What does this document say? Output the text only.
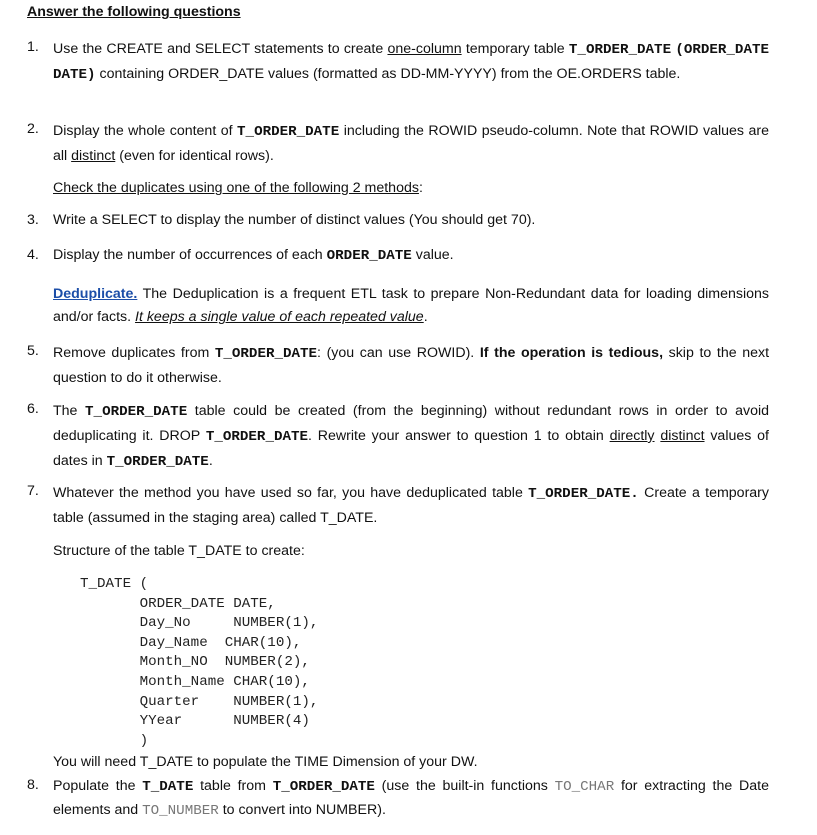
Answer the following questions
1. Use the CREATE and SELECT statements to create one-column temporary table T_ORDER_DATE (ORDER_DATE DATE) containing ORDER_DATE values (formatted as DD-MM-YYYY) from the OE.ORDERS table.
2. Display the whole content of T_ORDER_DATE including the ROWID pseudo-column. Note that ROWID values are all distinct (even for identical rows).
Check the duplicates using one of the following 2 methods:
3. Write a SELECT to display the number of distinct values (You should get 70).
4. Display the number of occurrences of each ORDER_DATE value.
Deduplicate. The Deduplication is a frequent ETL task to prepare Non-Redundant data for loading dimensions and/or facts. It keeps a single value of each repeated value.
5. Remove duplicates from T_ORDER_DATE: (you can use ROWID). If the operation is tedious, skip to the next question to do it otherwise.
6. The T_ORDER_DATE table could be created (from the beginning) without redundant rows in order to avoid deduplicating it. DROP T_ORDER_DATE. Rewrite your answer to question 1 to obtain directly distinct values of dates in T_ORDER_DATE.
7. Whatever the method you have used so far, you have deduplicated table T_ORDER_DATE. Create a temporary table (assumed in the staging area) called T_DATE.
Structure of the table T_DATE to create:
T_DATE (
ORDER_DATE DATE,
Day_No     NUMBER(1),
Day_Name  CHAR(10),
Month_NO  NUMBER(2),
Month_Name CHAR(10),
Quarter    NUMBER(1),
YYear      NUMBER(4)
)
You will need T_DATE to populate the TIME Dimension of your DW.
8. Populate the T_DATE table from T_ORDER_DATE (use the built-in functions TO_CHAR for extracting the Date elements and TO_NUMBER to convert into NUMBER).
